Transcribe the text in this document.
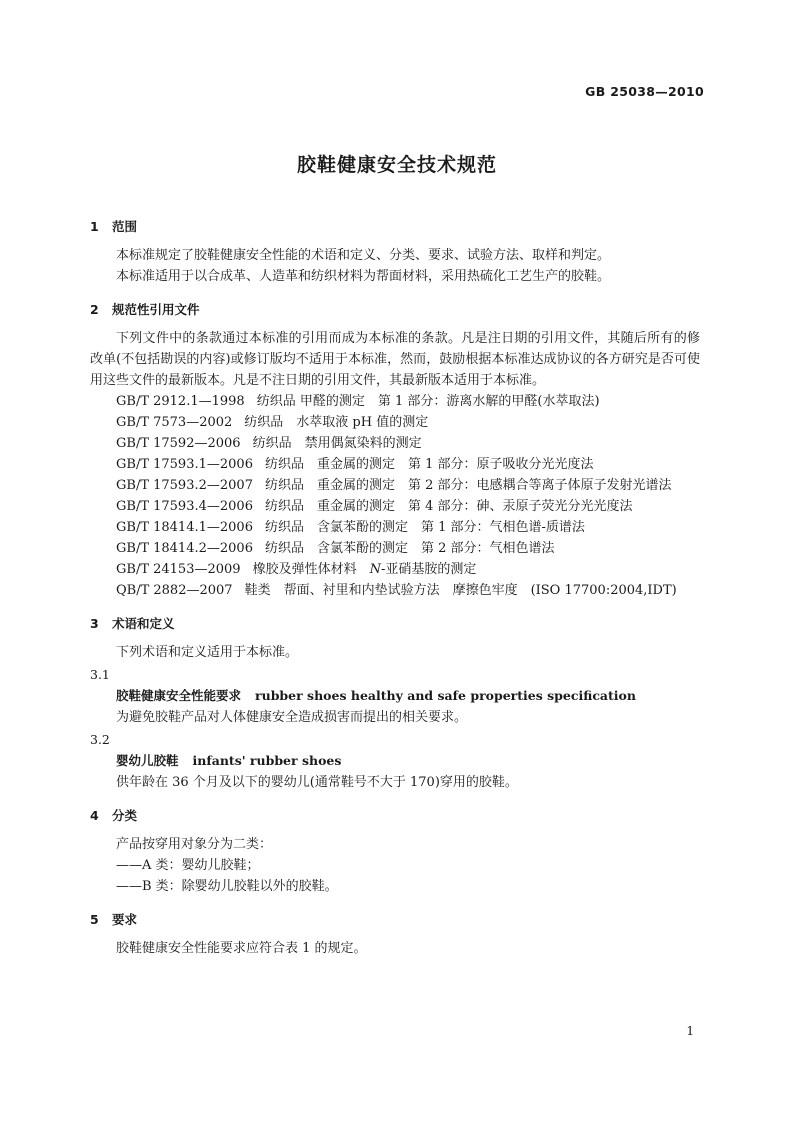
GB 25038—2010
胶鞋健康安全技术规范
1 范围
本标准规定了胶鞋健康安全性能的术语和定义、分类、要求、试验方法、取样和判定。
本标准适用于以合成革、人造革和纺织材料为帮面材料，采用热硫化工艺生产的胶鞋。
2 规范性引用文件
下列文件中的条款通过本标准的引用而成为本标准的条款。凡是注日期的引用文件，其随后所有的修改单(不包括勘误的内容)或修订版均不适用于本标准，然而，鼓励根据本标准达成协议的各方研究是否可使用这些文件的最新版本。凡是不注日期的引用文件，其最新版本适用于本标准。
GB/T 2912.1—1998 纺织品 甲醛的测定　第 1 部分：游离水解的甲醛(水萃取法)
GB/T 7573—2002 纺织品　水萃取液 pH 值的测定
GB/T 17592—2006 纺织品　禁用偶氮染料的测定
GB/T 17593.1—2006 纺织品　重金属的测定　第 1 部分：原子吸收分光光度法
GB/T 17593.2—2007 纺织品　重金属的测定　第 2 部分：电感耦合等离子体原子发射光谱法
GB/T 17593.4—2006 纺织品　重金属的测定　第 4 部分：砷、汞原子荧光分光光度法
GB/T 18414.1—2006 纺织品　含氯苯酚的测定　第 1 部分：气相色谱-质谱法
GB/T 18414.2—2006 纺织品　含氯苯酚的测定　第 2 部分：气相色谱法
GB/T 24153—2009 橡胶及弹性体材料　N-亚硝基胺的测定
QB/T 2882—2007 鞋类　帮面、衬里和内垫试验方法　摩擦色牢度　(ISO 17700:2004,IDT)
3 术语和定义
下列术语和定义适用于本标准。
3.1
胶鞋健康安全性能要求 rubber shoes healthy and safe properties specification
为避免胶鞋产品对人体健康安全造成损害而提出的相关要求。
3.2
婴幼儿胶鞋 infants' rubber shoes
供年龄在 36 个月及以下的婴幼儿(通常鞋号不大于 170)穿用的胶鞋。
4 分类
产品按穿用对象分为二类：
——A 类：婴幼儿胶鞋；
——B 类：除婴幼儿胶鞋以外的胶鞋。
5 要求
胶鞋健康安全性能要求应符合表 1 的规定。
1
